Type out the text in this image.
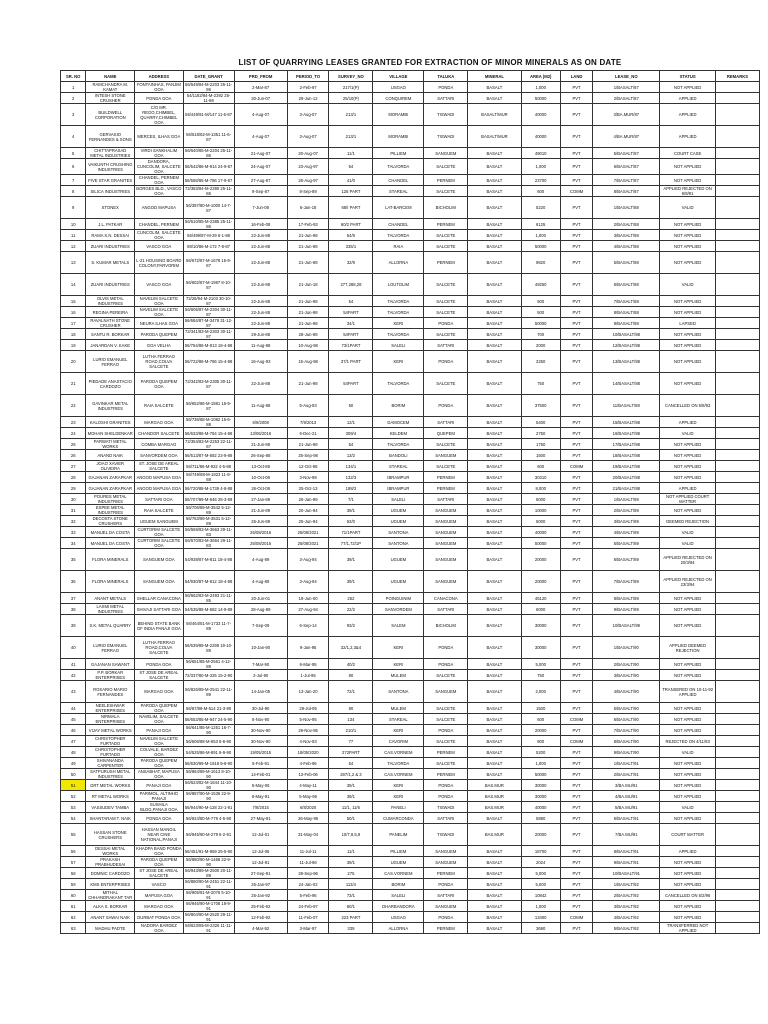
LIST OF QUARRYING LEASES GRANTED FOR EXTRACTION OF MINOR MINERALS AS ON DATE
SR. NO	NAME	ADDRESS	DATE_GRANT	PRD_FROM	PERIOD_TO	SURVEY_NO	VILLAGE	TALUKA	MINERAL	AREA (M2)	LAND	LEASE_NO	STATUS	REMARKS
1	RAMCHANDRA M. KAMAT	FONTAINHAS, PANJIM GOA	56/549/84-M-2203 25-11-86	2-Mar-87	2-Feb-97	217/1(P)	USGAO	PONDA	BASALT	1,000	PVT	1/BASALT/87	NOT APPLIED	
2	INTESH STONE CRUSHER	PONDA GOA	54/1182/84-M-2392 25-11-86	30-Jun-07	29-Jun-12	25/10(P)	CONQUIREM	SATTARI	BASALT	50000	PVT	2/BASALT/87	APPLIED	
3	BUILDWELL CORPORATION	C/O MR. REGO,CHIMBEL, QUARRY,CHIMBEL GOA	56/449/91-M/147 11-6-87	4-Aug-07	3-Aug-07	213/1	MORAMBI	TISWADI	BASALT/MUR	40000	PVT	3/BA.MUR/87	APPLIED	
4	GERVASIO FERNANDES & SONS	MERCES, ILHAS GOA	56/518/82-M-1351 11-6-87	4-Aug-07	3-Aug-07	213/1	MORAMBI	TISWADI	BASALT/MUR	40000	PVT	4/BA.MUR/87	APPLIED	
5	CHITTAPRASAD METAL INDUSTRIES	VIRDI SANKHALIM GOA	56/640/85-M-2204 25-11-86	21-Aug-07	20-Aug-07	11/1	PILLIEM	SANGUEM	BASALT	49010	PVT	5/BASALT/87	COURT CASE	
6	VAIKUNTH CRUSHING INDUSTRIES	DANDORA, CUNCOLIM, SALCETE GOA	56/542/86-M-914 24-9-87	24-Aug-07	23-Aug-97	54	TALVORDA	SALCETE	BASALT	1,000	PVT	6/BASALT/87	NOT APPLIED	
7	FIVE STAR GRANITES	CHANDEL, PERNEM GOA	56/558/85-M-786 17-9-87	27-Aug-87	26-Aug-97	41/0	CHANDEL	PERNEM	BASALT	23700	PVT	7/BASALT/87	NOT APPLIED	
8	SILICA INDUSTRIES	BORGES BLD., VASCO GOA	72/383/84-M-2390 25-11-86	9-Sep-87	8-Sep-89	126 PART	STAREAL	SALCETE	BASALT	600	COMM	8/BASALT/87	APPLIED REJECTED ON 6/8/91	
9	STONEX	ANGOD MAPUSA	56/397/80-M-1000 14-7-87	7-Jun-08	6-Jan-18	68/I PART	LAT-BARCEM	BICHOLIM	BASALT	5220	PVT	1/BASALT/88	VALID	
10	J.L. PATKAR	CHANDEL, PERNEM	56/510/85-M-2385 25-11-86	16-Feb-08	17-Feb-93	60/2 PART	CHANDEL	PERNEM	BASALT	6125	PVT	2/BASALT/88	NOT APPLIED	
11	RAMA S.N. DESSAI	CUNCOLIM, SALCETE GOA	56/499/87-M-29 6-1-88	22-Jun-88	21-Jun-98	54/9	TALVORDA	SALCETE	BASALT	1,000	PVT	3/BASALT/88	NOT APPLIED	
12	ZUARI INDUSTRIES	VASCO GOA	88/10/86-M-172 7-8-87	22-Jun-88	21-Jun-98	335/1	RAIA	SALCETE	BASALT	50000	PVT	4/BASALT/88	NOT APPLIED	
13	S. KUMAR METALS	L-21 HOUSING BOARD COLONY,PARVORIM	56/672/87-M-1678 15-9-87	22-Jun-88	21-Jun-98	32/9	ALLORNA	PERNEM	BASALT	9820	PVT	5/BASALT/88	NOT APPLIED	
14	ZUARI INDUSTRIES	VASCO GOA	56/602/87-M-1987 8-10-87	22-Jun-88	21-Jun-18	277,288,28	LOUTOLIM	SALCETE	BASALT	49250	PVT	6/BASALT/88	VALID	
15	OLVIS METAL INDUSTRIES	NAVELIM SALCETE GOA	72/26/94-M-2103 30-10-87	22-Jun-88	21-Jun-98	54	TALVORDA	SALCETE	BASALT	500	PVT	7/BASALT/88	NOT APPLIED	
16	REGINA PEREIRA	NAVELIM SALCETE GOA	56/605/87-M-2304 30-11-87	22-Jun-88	21-Jun-98	54PART	TALVORDA	SALCETE	BASALT	500	PVT	8/BASALT/88	NOT APPLIED	
17	RAVALNATH STONE CRUSHER	NEURA ILHAS GOA	56/684/87-M-3478 31-12-87	22-Jun-88	21-Jun-98	34/1	KERI	PONDA	BASALT	50000	PVT	9/BASALT/88	LAPSED	
18	SANTU R. BORKAR	PARODA QUEPEM	72/341/83-M-2303 30-11-87	29-Jun-88	28-Jun-98	54PART	TALVORDA	SALCETE	BASALT	700	PVT	10/BASALT/88	NOT APPLIED	
19	JANARDAN V. KAKE	GOA VELHA	56/754/86-M-813 18-4-88	11-Aug-88	10-Aug-98	73/1PART	SALELI	SATTARI	BASALT	2000	PVT	12/BASALT/88	NOT APPLIED	
20	LURIO EMANUEL FERRAO	LUTHA FERRAO ROAD,COLVA SALCETE	56/722/86-M-786 15-4-88	16-Aug-93	15-Aug-98	37/1 PART	KERI	PONDA	BASALT	2250	PVT	13/BASALT/88	NOT APPLIED	
21	PIEDADE ANASTACIO CARDOZO	PARODA QUEPEM GOA	72/342/83-M-2305 30-11-87	22-Jun-88	21-Jun-98	54PART	TALVORDA	SALCETE	BASALT	750	PVT	14/BASALT/88	NOT APPLIED	
22	GAVINKAR METAL INDUSTRIES	RAIA SALCETE	56/652/86-M-1881 15-9-87	11-Aug-88	5-Aug-93	50	BORIM	PONDA	BASALT	37500	PVT	11/BASALT/88	CANCELLED ON 5/8/93	
23	KALOSHI GRANITES	MARGAO GOA	56/736/88-M-1082 15-6-88	6/9/2008	7/9/2013	12/1	DAMOCEM	SATTARI	BASALT	5400	PVT	15/BASALT/88	APPLIED	
24	MOHAN SHELDENKAR	CHANDOR SALCETE	56/633/86-M-784 15-4-88	13/06/2016	6-Dec-21	309/4	KELDEM	QUEPEM	BASALT	2750	PVT	16/BASALT/88	VALID	
25	PARWATI METAL WORKS	COMBA MARGAO	72/354/83-M-2253 22-11-87	21-Jun-88	21-Jun-98	54	TALVORDA	SALCETE	BASALT	1750	PVT	17/BASALT/88	NOT APPLIED	
26	ANAND NAIK	SANVORDEM GOA	56/513/87-M-582 23-9-88	26-Sep-88	25-Sep-98	13/2	BANDOLI	SANGUEM	BASALT	1500	PVT	18/BASALT/88	NOT APPLIED	
27	JOAO XAVIER OLIVEIRA	ST. JOSE DE AREAL SALCETE	56/711/86-M-922 4-5-88	13-Oct-88	12-Oct-98	134/1	STAREAL	SALCETE	BASALT	600	COMM	19/BASALT/88	NOT APPLIED	
28	GAJANAN ZARAPKAR	ANGOD MAPUSA GOA	56/749/88-M-1823 11-9-88	10-Oct-08	3-Nov-99	132/3	IBRAMPUR	PERNEM	BASALT	30310	PVT	20/BASALT/88	NOT APPLIED	
29	GAJANAN ZARAPKAR	ANGOD MAPUSA GOA	56/720/88-M-1739 4-8-88	26-Oct-08	25-Oct-13	188/3	IBRAMPUR	PERNEM	BASALT	8,000	PVT	21/BASALT/88	APPLIED	
30	POURES METAL INDUSTRIES	SATTARI GOA	56/707/89-M-646 28-3-89	27-Jan-89	26-Jan-99	7/1	SALELI	SATTARI	BASALT	5000	PVT	1/BASALT/89	NOT APPLIED COURT MATTER	
31	ESPEE METAL INDUSTRIES	RAIA SALCETE	56/706/89-M-3542 5-12-89	21-Jun-89	20-Jun-94	39/1	UGUEM	SANGUEM	BASALT	10000	PVT	2/BASALT/89	NOT APPLIED	
32	DECOSTA STONE CRUSHERS	UGUEM SANGUEM	56/763/89-M-3531 5-12-89	26-Jun-89	25-Jun-94	52/0	UGUEM	SANGUEM	BASALT	5000	PVT	3/BASALT/89	DEEMED REJECTION	
33	MANUEL DA COSTA	CURTORIM SALCETE GOA	56/569/83-M-3663 29-11-83	26/08/2016	25/08/2021	71/1PART	SANTONA	SANGUEM	BASALT	40000	PVT	4/BASALT/89	VALID	
34	MANUEL DA COSTA	CURTORIM SALCETE GOA	56/570/83-M-3664 29-11-83	26/08/2016	25/08/2021	77/1,72/1P	SANTONA	SANGUEM	BASALT	50000	PVT	5/BASALT/89	VALID	
35	FLORA MINERALS	SANGUEM GOA	54/939/87-M-811 18-4-88	4-Aug-89	3-Aug-94	39/1	UGUEM	SANGUEM	BASALT	20000	PVT	6/BASALT/89	APPLIED REJECTED ON 20/3/94	
36	FLORA MINERALS	SANGUEM GOA	54/930/87-M-812 18-4-88	4-Aug-89	3-Aug-94	39/1	UGUEM	SANGUEM	BASALT	20000	PVT	7/BASALT/89	APPLIED REJECTED ON 23/3/94	
37	ANANT METALS	SHELLAR CANACONA	56/562/83-M-2493 21-11-85	20-Jun-01	19-Jun-00	252	POINGUINIM	CANACONA	BASALT	45120	PVT	8/BASALT/89	NOT APPLIED	
38	LAXMI METAL INDUSTRIES	SHIVAJI SATTARI GOA	54/535/88-M-582 14-9-89	28-Aug-89	27-Aug-94	22/2	SANVORDEM	SATTARI	BASALT	6000	PVT	9/BASALT/89	NOT APPLIED	
39	S.K. METAL QUARRY	BEHIND STATE BANK OF INDIA PANAJI GOA	56/464/81-M-1733 11-7-89	7-Sep-09	6-Sep-14	93/2	SALEM	BICHOLIM	BASALT	30000	PVT	10/BASALT/89	NOT APPLIED	
40	LURIO EMANUEL FERRAO	LUTHA FERRAO ROAD,COLVA SALCETE	56/639/89-M-2298 19-10-89	10-Jan-90	9-Jan-95	32/1,2,3&4	KERI	PONDA	BASALT	30000	PVT	1/BASALT/90	APPLIED DEEMED REJECTION	
41	GAJANAN SAWANT	PONDA GOA	56/651/85-M-2561 4-12-89	7-Mar-90	6-Mar-95	40/2	KERI	PONDA	BASALT	5,000	PVT	2/BASALT/90	NOT APPLIED	
42	P.P. BORKAR ENTERPRISES	ST JOSE DE AREAL SALCETE	72/337/80-M-325 15-2-90	2-Jul-90	1-Jul-95	80	MULEM	SALCETE	BASALT	750	PVT	3/BASALT/90	NOT APPLIED	
43	ROSARIO MARIO FERNANDES	MARGAO GOA	56/826/89-M-2541 22-11-89	14-Jan-05	13-Jan-20	72/1	SANTONA	SANGUEM	BASALT	2,000	PVT	4/BASALT/90	TRANSERED ON 10-11-92 APPLIED	
44	NEELESHWAR ENTERPRISES	PARODA QUEPEM GOA	56/87/89-M-514 21-3-90	30-Jul-90	29-Jul-95	80	MULEM	SALCETE	BASALT	1500	PVT	5/BASALT/90	NOT APPLIED	
45	NIRMALA ENTERPRISES	NAVELIM, SALCETE GOA	56/653/85-M-947 24-5-90	6-Nov-90	5-Nov-95	134	STAREAL	SALCETE	BASALT	600	COMM	6/BASALT/90	NOT APPLIED	
46	VIJAY METAL WORKS	PANAJI GOA	56/641/85-M-1251 16-7-90	30-Nov-90	29-Nov-95	210/1	KERI	PONDA	BASALT	20000	PVT	7/BASALT/90	NOT APPLIED	
47	CHRISTOPHER FURTADO	NAVELIM SALCETE GOA	56/606/88-M-653 6-6-90	30-Nov-90	4-Nov-93	77	CAVORIM	SALCETE	BASALT	800	COMM	8/BASALT/90	REJECTED ON 4/11/93	
48	CHRISTOPHER FURTADO	COLVALE, BARDEZ GOA	54/525/86-M-891 6-9-90	19/05/2015	18/05/2020	272PART	CAS.VORNEM	PERNEM	BASALT	5200	PVT	9/BASALT/90	VALID	
49	SHIVANANDA CARPENTER	PARODA QUEPEM GOA	56/630/89-M-1918 9-8-90	5-Feb-91	4-Feb-96	54	TALVORDA	SALCETE	BASALT	1,000	PVT	1/BASALT/91	NOT APPLIED	
50	SATPURUSH METAL INDUSTRIES	ANSABHAT, MAPUSA GOA	56/864/89-M-1613 8-10-90	14-Feb-01	13-Feb-06	287/1,2 & 3	CAS.VORNEM	PERNEM	BASALT	50000	PVT	2/BASALT/91	NOT APPLIED	
51	GRT METAL WORKS	PANAJI GOA	56/524/82-M-1844 11-10-90	5-May-06	4-May-11	39/1	KERI	PONDA	BAS.MUR	30000	PVT	3/BA.MU/91	NOT APPLIED	
52	RT METAL WORKS	PARIMOL, ALTINHO PANAJI	56/887/90-M-1536 22-9-90	6-May-91	5-May-96	39/1	KERI	PONDA	BAS.MUR	30000	PVT	4/BA.MU/91	NOT APPLIED	
53	VASSUDEV TAMBA	SUSHILA BLDG,PANAJI GOA	56/944/90-M-128 22-1-91	7/8/2015	6/8/2020	11/1, 11/6	PANELI	TISWADI	BAS.MUR	40000	PVT	5/BA.MU/91	VALID	
54	SHANTARAM T. NAIK	PONDA GOA	56/924/80-M-779 4-5-90	27-May-91	26-May-96	50/1	CUMARCONDA	SATTARI	BASALT	5880	PVT	6/BASALT/91	NOT APPLIED	
55	HASSAN STONE CRUSHERS	HASSAN MANGIL NEAR CINE NATIONAL,PANAJI	56/945/90-M-279 6-2-91	12-Jul-01	31-May-04	10/7,9,5,9	PANELIM	TISWADI	BAS.MUR	20000	PVT	7/BA.MU/91	COURT MATTER	
56	DESSAI METAL WORKS	KHADPA BAND PONDA GOA	56/451/91-M-859 25-5-90	12-Jul-06	11-Jul-11	11/1	PILLIEM	SANGUEM	BASALT	18700	PVT	8/BASALT/91	APPLIED	
57	PRAKASH PRABHUDESAI	PARODA QUEPEM GOA	56/880/90-M-1466 22-9-90	12-Jul-91	11-Jul-96	39/1	UGUEM	SANGUEM	BASALT	2024	PVT	9/BASALT/91	NOT APPLIED	
58	DOMNIC CARDOZO	ST JOSE DE AREAL SALCETE	56/943/89-M-2500 20-11-89	27-Sep-91	28-Sep-96	275	CAS.VORNEM	PERNEM	BASALT	5,000	PVT	10/BASALT/91	NOT APPLIED	
59	KMS ENTERPRISES	VASCO	56/880/90-M-2451 22-11-91	25-Jan-97	24-Jan-02	113/4	BORIM	PONDA	BASALT	5,000	PVT	1/BASALT/92	NOT APPLIED	
60	MITHAL CHHANDRAKANT TAR	MAPUSA GOA	56/905/91-M-2076 5-10-91	25-Jan-92	5-Feb-96	73/1	SALELI	SATTARI	BASALT	10842	PVT	2/BASALT/92	CANCELLED ON 5/2/96	
61	ALKA S. BORKAR	MARGAO GOA	56/946/90-M-1708 18-9-91	25-Feb-92	24-Feb-97	80/1	DHARBANDORA	SANGUEM	BASALT	1,000	PVT	3/BASALT/92	NOT APPLIED	
62	ANANT SAWAI NAIK	DURBAT PONDA GOA	56/804/90-M-2520 29-11-91	12-Feb-92	11-Feb-07	223 PART	USGAO	PONDA	BASALT	13400	COMM	4/BASALT/92	NOT APPLIED	
63	MADHU PADTE	NADORA BARDEZ GOA	56/623/85-M-2326 11-11-91	4-Mar-92	3-Mar-97	339	ALLORNA	PERNEM	BASALT	3690	PVT	5/BASALT/92	TRANSFERRED NOT APPLIED	
